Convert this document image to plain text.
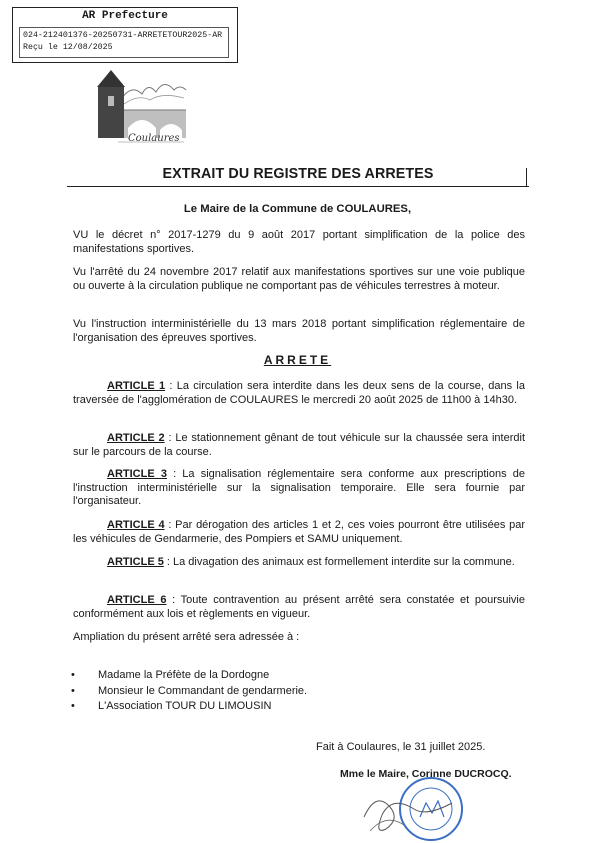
AR Prefecture
024-212401376-20250731-ARRETETOUR2025-AR
Reçu le 12/08/2025
Coulaures
EXTRAIT DU REGISTRE DES ARRETES
Le Maire de la Commune de COULAURES,
VU le décret n° 2017-1279 du 9 août 2017 portant simplification de la police des manifestations sportives.
Vu l'arrêté du 24 novembre 2017 relatif aux manifestations sportives sur une voie publique ou ouverte à la circulation publique ne comportant pas de véhicules terrestres à moteur.
Vu l'instruction interministérielle du 13 mars 2018 portant simplification réglementaire de l'organisation des épreuves sportives.
ARRETE
ARTICLE 1 : La circulation sera interdite dans les deux sens de la course, dans la traversée de l'agglomération de COULAURES le mercredi 20 août 2025 de 11h00 à 14h30.
ARTICLE 2 : Le stationnement gênant de tout véhicule sur la chaussée sera interdit sur le parcours de la course.
ARTICLE 3 : La signalisation réglementaire sera conforme aux prescriptions de l'instruction interministérielle sur la signalisation temporaire. Elle sera fournie par l'organisateur.
ARTICLE 4 : Par dérogation des articles 1 et 2, ces voies pourront être utilisées par les véhicules de Gendarmerie, des Pompiers et SAMU uniquement.
ARTICLE 5 : La divagation des animaux est formellement interdite sur la commune.
ARTICLE 6 : Toute contravention au présent arrêté sera constatée et poursuivie conformément aux lois et règlements en vigueur.
Ampliation du présent arrêté sera adressée à :
• Madame la Préfète de la Dordogne
• Monsieur le Commandant de gendarmerie.
• L'Association TOUR DU LIMOUSIN
Fait à Coulaures, le 31 juillet 2025.
Mme le Maire, Corinne DUCROCQ.
